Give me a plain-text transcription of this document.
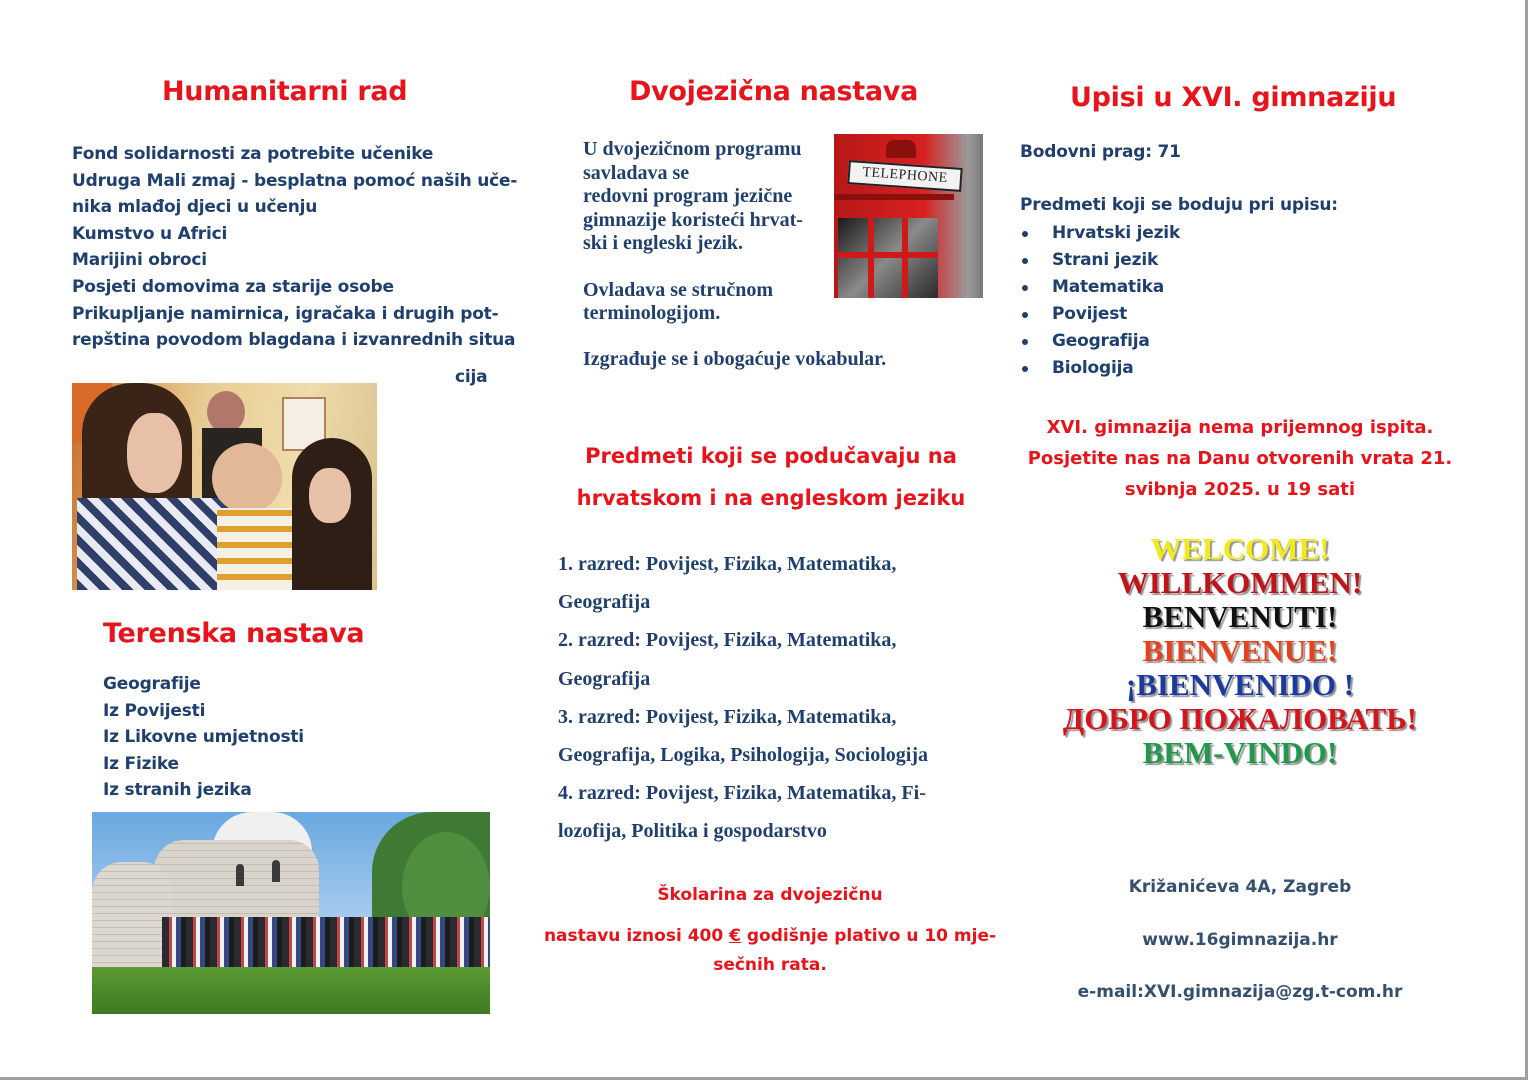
Humanitarni rad
Fond solidarnosti za potrebite učenike
Udruga Mali zmaj - besplatna pomoć naših uče-
nika mlađoj djeci u učenju
Kumstvo u Africi
Marijini obroci
Posjeti domovima za starije osobe
Prikupljanje namirnica, igračaka i drugih pot-
repština povodom blagdana i izvanrednih situa
cija
Terenska nastava
Geografije
Iz Povijesti
Iz Likovne umjetnosti
Iz Fizike
Iz stranih jezika
Dvojezična nastava
U dvojezičnom programu
savladava se
redovni program jezične
gimnazije koristeći hrvat-
ski i engleski jezik.
Ovladava se stručnom
terminologijom.
Izgrađuje se i obogaćuje vokabular.
TELEPHONE
Predmeti koji se podučavaju na
hrvatskom i na engleskom jeziku
1. razred: Povijest, Fizika, Matematika,
Geografija
2. razred: Povijest, Fizika, Matematika,
Geografija
3. razred: Povijest, Fizika, Matematika,
Geografija, Logika, Psihologija, Sociologija
4. razred: Povijest, Fizika, Matematika, Fi-
lozofija, Politika i gospodarstvo
Školarina za dvojezičnu
nastavu iznosi 400 € godišnje plativo u 10 mje-
sečnih rata.
Upisi u XVI. gimnaziju
Bodovni prag: 71
Predmeti koji se boduju pri upisu:
Hrvatski jezik
Strani jezik
Matematika
Povijest
Geografija
Biologija
XVI. gimnazija nema prijemnog ispita.
Posjetite nas na Danu otvorenih vrata 21.
svibnja 2025. u 19 sati
WELCOME!
WILLKOMMEN!
BENVENUTI!
BIENVENUE!
¡BIENVENIDO !
ДОБРО ПОЖАЛОВАТЬ!
BEM-VINDO!
Križanićeva 4A, Zagreb
www.16gimnazija.hr
e-mail:XVI.gimnazija@zg.t-com.hr
